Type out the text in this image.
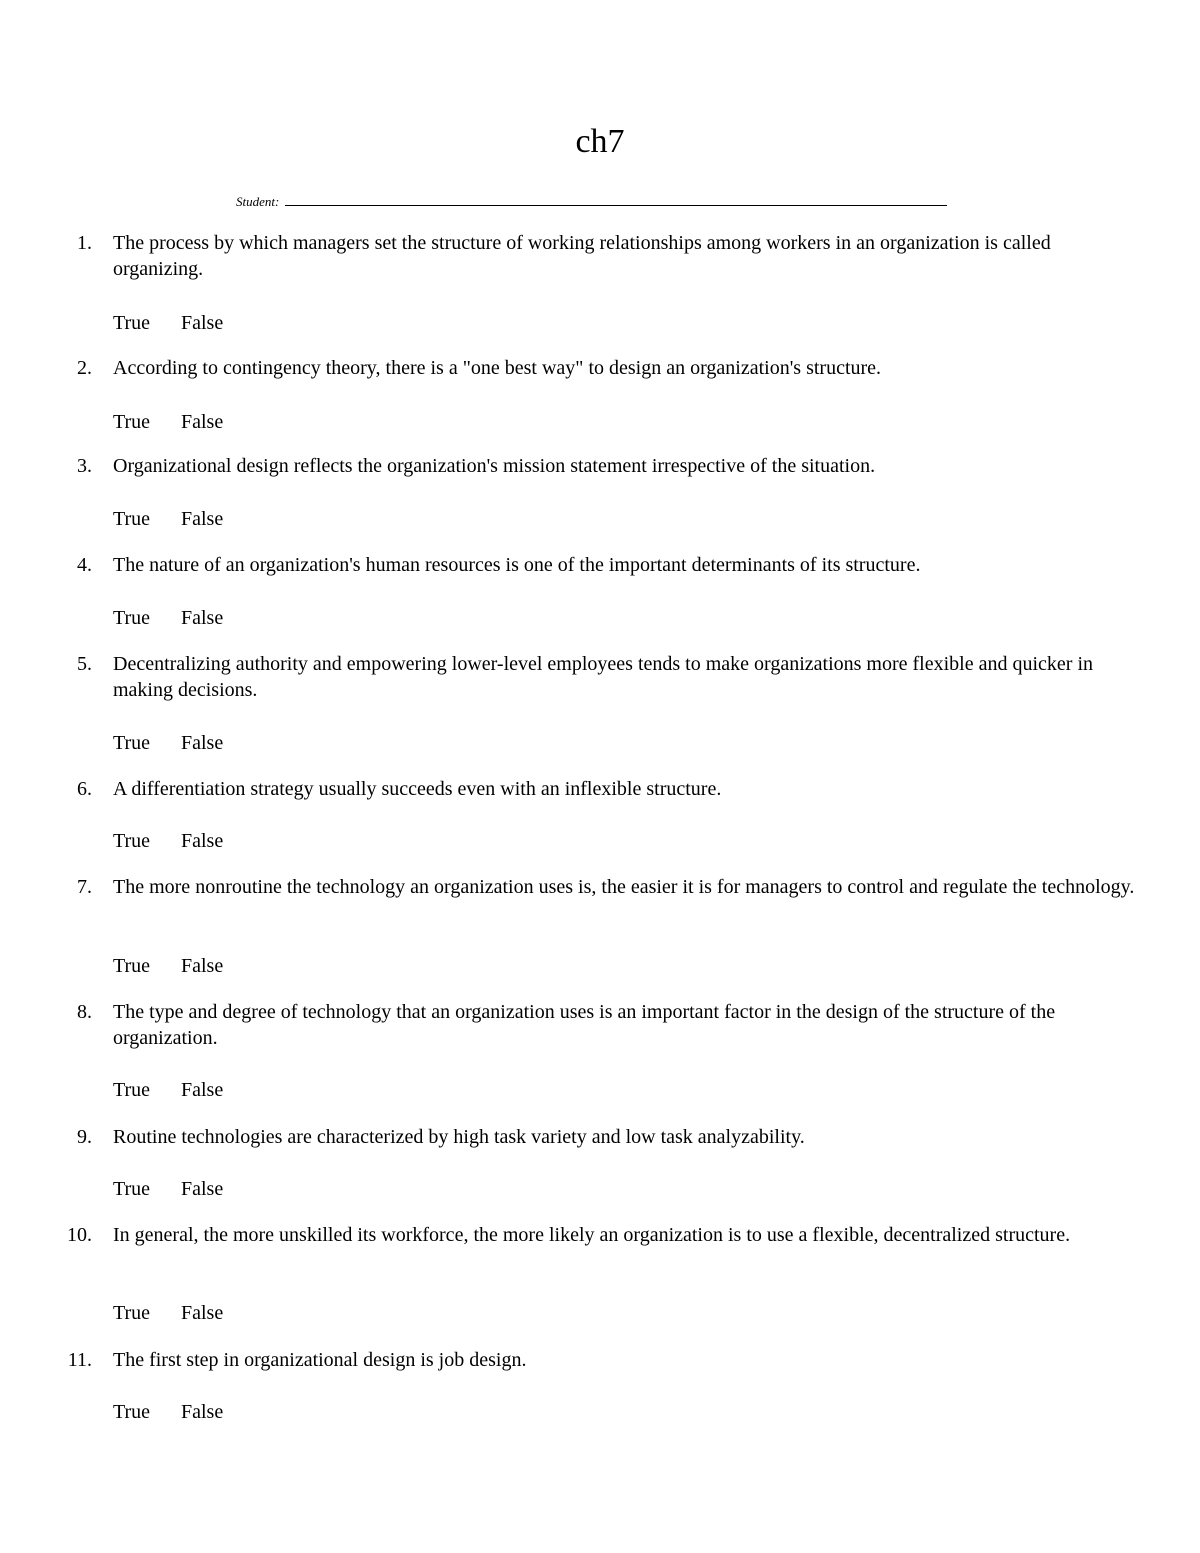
ch7
Student:
1. The process by which managers set the structure of working relationships among workers in an organization is called organizing.
True	False
2. According to contingency theory, there is a "one best way" to design an organization's structure.
True	False
3. Organizational design reflects the organization's mission statement irrespective of the situation.
True	False
4. The nature of an organization's human resources is one of the important determinants of its structure.
True	False
5. Decentralizing authority and empowering lower-level employees tends to make organizations more flexible and quicker in making decisions.
True	False
6. A differentiation strategy usually succeeds even with an inflexible structure.
True	False
7. The more nonroutine the technology an organization uses is, the easier it is for managers to control and regulate the technology.
True	False
8. The type and degree of technology that an organization uses is an important factor in the design of the structure of the organization.
True	False
9. Routine technologies are characterized by high task variety and low task analyzability.
True	False
10. In general, the more unskilled its workforce, the more likely an organization is to use a flexible, decentralized structure.
True	False
11. The first step in organizational design is job design.
True	False
